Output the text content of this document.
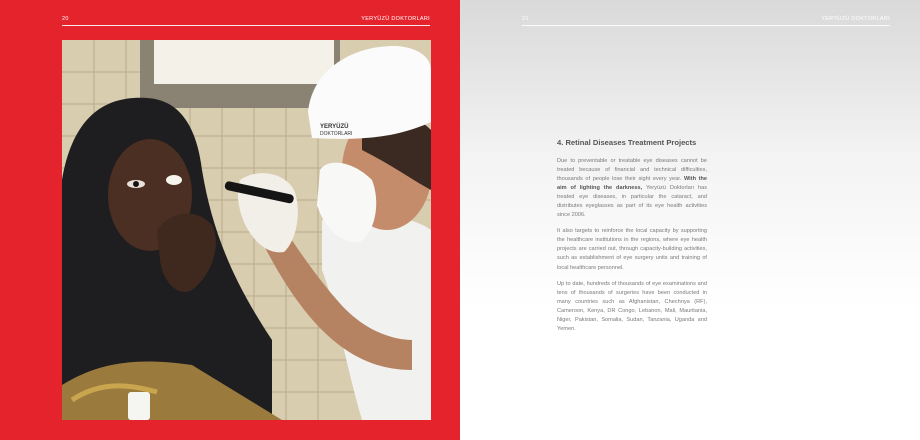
20	YERYÜZÜ DOKTORLARI
YERYÜZÜ
DOKTORLARI
21	YERYÜZÜ DOKTORLARI
4. Retinal Diseases Treatment Projects

Due to preventable or treatable eye diseases cannot be treated because of financial and technical difficulties, thousands of people lose their sight every year. With the aim of lighting the darkness, Yeryüzü Doktorları has treated eye diseases, in particular the cataract, and distributes eyeglasses as part of its eye health activities since 2006.

It also targets to reinforce the local capacity by supporting the healthcare institutions in the regions, where eye health projects are carried out, through capacity-building activities, such as establishment of eye surgery units and training of local healthcare personnel.

Up to date, hundreds of thousands of eye examinations and tens of thousands of surgeries have been conducted in many countries such as Afghanistan, Chechnya (RF), Cameroon, Kenya, DR Congo, Lebanon, Mali, Mauritania, Niger, Pakistan, Somalia, Sudan, Tanzania, Uganda and Yemen.
